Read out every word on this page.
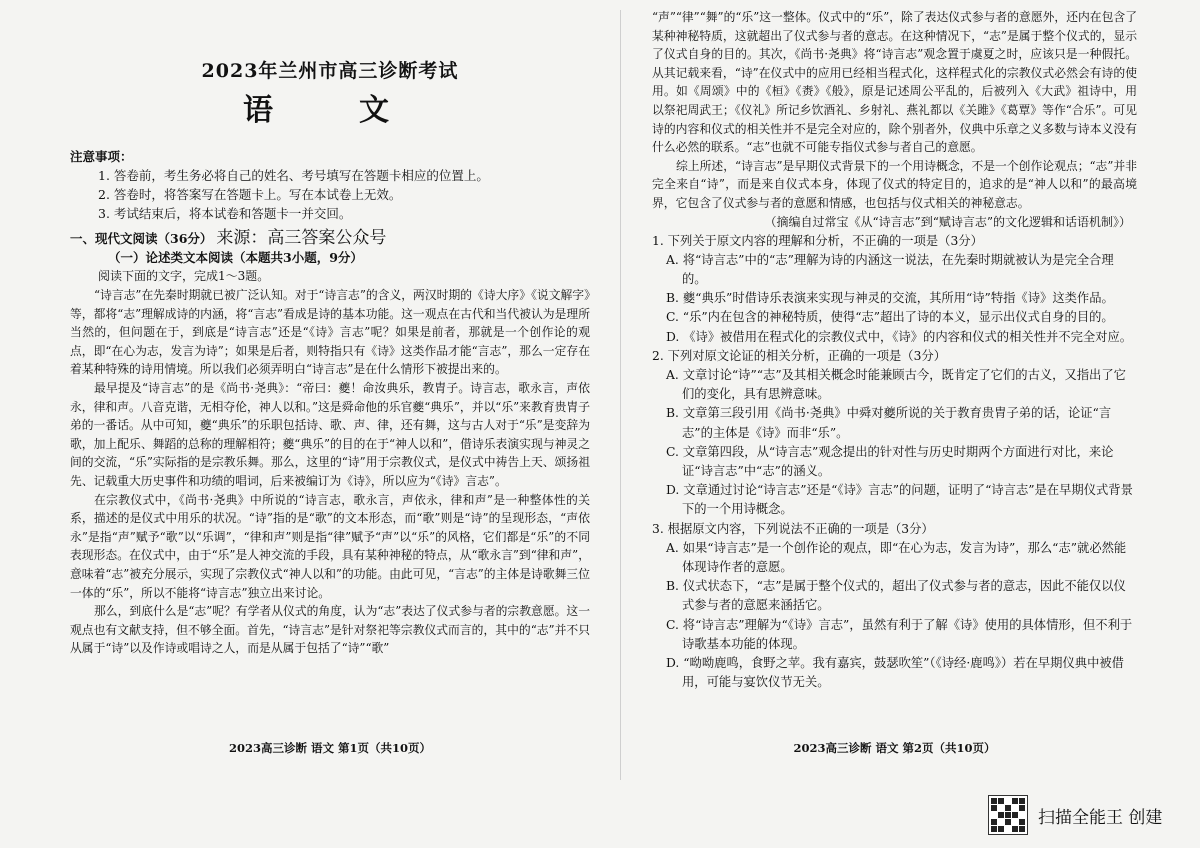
2023年兰州市高三诊断考试
语　文
注意事项：
1. 答卷前，考生务必将自己的姓名、考号填写在答题卡相应的位置上。
2. 答卷时，将答案写在答题卡上。写在本试卷上无效。
3. 考试结束后，将本试卷和答题卡一并交回。
一、现代文阅读（36分） 来源：高三答案公众号
（一）论述类文本阅读（本题共3小题，9分）
阅读下面的文字，完成1～3题。

“诗言志”在先秦时期就已被广泛认知。对于“诗言志”的含义，两汉时期的《诗大序》《说文解字》等，都将“志”理解成诗的内涵，将“言志”看成是诗的基本功能。这一观点在古代和当代被认为是理所当然的，但问题在于，到底是“诗言志”还是“《诗》言志”呢？如果是前者，那就是一个创作论的观点，即“在心为志，发言为诗”；如果是后者，则特指只有《诗》这类作品才能“言志”，那么一定存在着某种特殊的诗用情境。所以我们必须弄明白“诗言志”是在什么情形下被提出来的。

最早提及“诗言志”的是《尚书·尧典》：“帝曰：夔！命汝典乐，教胄子。诗言志，歌永言，声依永，律和声。八音克谐，无相夺伦，神人以和。”这是舜命他的乐官夔“典乐”，并以“乐”来教育贵胄子弟的一番话。从中可知，夔“典乐”的乐职包括诗、歌、声、律，还有舞，这与古人对于“乐”是变辞为歌，加上配乐、舞蹈的总称的理解相符；夔“典乐”的目的在于“神人以和”，借诗乐表演实现与神灵之间的交流，“乐”实际指的是宗教乐舞。那么，这里的“诗”用于宗教仪式，是仪式中祷告上天、颂扬祖先、记载重大历史事件和功绩的唱词，后来被编订为《诗》，所以应为“《诗》言志”。

在宗教仪式中，《尚书·尧典》中所说的“诗言志，歌永言，声依永，律和声”是一种整体性的关系，描述的是仪式中用乐的状况。“诗”指的是“歌”的文本形态，而“歌”则是“诗”的呈现形态，“声依永”是指“声”赋予“歌”以“乐调”，“律和声”则是指“律”赋予“声”以“乐”的风格，它们都是“乐”的不同表现形态。在仪式中，由于“乐”是人神交流的手段，具有某种神秘的特点，从“歌永言”到“律和声”，意味着“志”被充分展示，实现了宗教仪式“神人以和”的功能。由此可见，“言志”的主体是诗歌舞三位一体的“乐”，所以不能将“诗言志”独立出来讨论。

那么，到底什么是“志”呢？有学者从仪式的角度，认为“志”表达了仪式参与者的宗教意愿。这一观点也有文献支持，但不够全面。首先，“诗言志”是针对祭祀等宗教仪式而言的，其中的“志”并不只从属于“诗”以及作诗或唱诗之人，而是从属于包括了“诗”“歌”

2023高三诊断 语文 第1页（共10页）

“声”“律”“舞”的“乐”这一整体。仪式中的“乐”，除了表达仪式参与者的意愿外，还内在包含了某种神秘特质，这就超出了仪式参与者的意志。在这种情况下，“志”是属于整个仪式的，显示了仪式自身的目的。其次，《尚书·尧典》将“诗言志”观念置于虞夏之时，应该只是一种假托。从其记载来看，“诗”在仪式中的应用已经相当程式化，这样程式化的宗教仪式必然会有诗的使用。如《周颂》中的《桓》《赉》《般》，原是记述周公平乱的，后被列入《大武》祖诗中，用以祭祀周武王；《仪礼》所记乡饮酒礼、乡射礼、燕礼都以《关雎》《葛覃》等作“合乐”。可见诗的内容和仪式的相关性并不是完全对应的，除个别者外，仪典中乐章之义多数与诗本义没有什么必然的联系。“志”也就不可能专指仪式参与者自己的意愿。

综上所述，“诗言志”是早期仪式背景下的一个用诗概念，不是一个创作论观点；“志”并非完全来自“诗”，而是来自仪式本身，体现了仪式的特定目的，追求的是“神人以和”的最高境界，它包含了仪式参与者的意愿和情感，也包括与仪式相关的神秘意志。

（摘编自过常宝《从“诗言志”到“赋诗言志”的文化逻辑和话语机制》）
1. 下列关于原文内容的理解和分析，不正确的一项是（3分）
A. 将“诗言志”中的“志”理解为诗的内涵这一说法，在先秦时期就被认为是完全合理的。
B. 夔“典乐”时借诗乐表演来实现与神灵的交流，其所用“诗”特指《诗》这类作品。
C. “乐”内在包含的神秘特质，使得“志”超出了诗的本义，显示出仪式自身的目的。
D. 《诗》被借用在程式化的宗教仪式中，《诗》的内容和仪式的相关性并不完全对应。
2. 下列对原文论证的相关分析，正确的一项是（3分）
A. 文章讨论“诗”“志”及其相关概念时能兼顾古今，既肯定了它们的古义，又指出了它们的变化，具有思辨意味。
B. 文章第三段引用《尚书·尧典》中舜对夔所说的关于教育贵胄子弟的话，论证“言志”的主体是《诗》而非“乐”。
C. 文章第四段，从“诗言志”观念提出的针对性与历史时期两个方面进行对比，来论证“诗言志”中“志”的涵义。
D. 文章通过讨论“诗言志”还是“《诗》言志”的问题，证明了“诗言志”是在早期仪式背景下的一个用诗概念。
3. 根据原文内容，下列说法不正确的一项是（3分）
A. 如果“诗言志”是一个创作论的观点，即“在心为志，发言为诗”，那么“志”就必然能体现诗作者的意愿。
B. 仪式状态下，“志”是属于整个仪式的，超出了仪式参与者的意志，因此不能仅以仪式参与者的意愿来涵括它。
C. 将“诗言志”理解为“《诗》言志”，虽然有利于了解《诗》使用的具体情形，但不利于诗歌基本功能的体现。
D. “呦呦鹿鸣，食野之苹。我有嘉宾，鼓瑟吹笙”（《诗经·鹿鸣》）若在早期仪典中被借用，可能与宴饮仪节无关。
2023高三诊断 语文 第2页（共10页）
扫描全能王 创建
